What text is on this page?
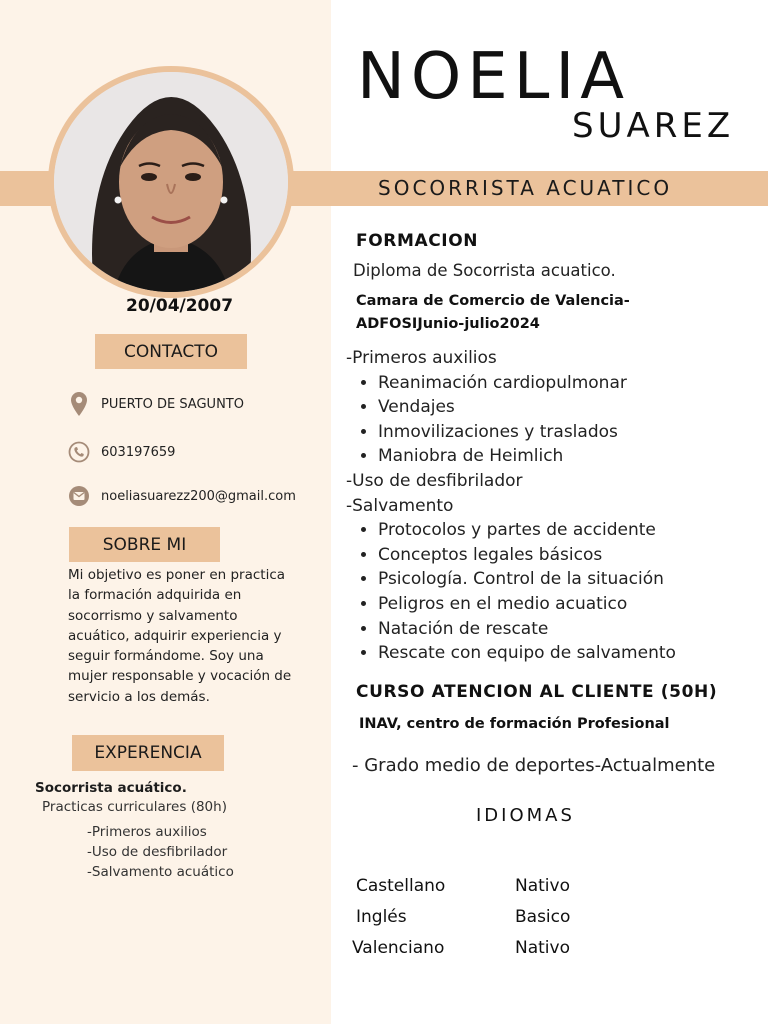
NOELIA
SUAREZ
SOCORRISTA ACUATICO
20/04/2007
CONTACTO
PUERTO DE SAGUNTO
603197659
noeliasuarezz200@gmail.com
SOBRE MI
Mi objetivo es poner en practica la formación adquirida en socorrismo y salvamento acuático, adquirir experiencia y seguir formándome. Soy una mujer responsable y vocación de servicio a los demás.
EXPERENCIA
Socorrista acuático.
Practicas curriculares (80h)
-Primeros auxilios
-Uso de desfibrilador
-Salvamento acuático
FORMACION
Diploma de Socorrista acuatico.
Camara de Comercio de Valencia-
ADFOSIJunio-julio2024
-Primeros auxilios
• Reanimación cardiopulmonar
• Vendajes
• Inmovilizaciones y traslados
• Maniobra de Heimlich
-Uso de desfibrilador
-Salvamento
• Protocolos y partes de accidente
• Conceptos legales básicos
• Psicología. Control de la situación
• Peligros en el medio acuatico
• Natación de rescate
• Rescate con equipo de salvamento
CURSO ATENCION AL CLIENTE (50H)
INAV, centro de formación Profesional
- Grado medio de deportes-Actualmente
IDIOMAS
Castellano	Nativo
Inglés	Basico
Valenciano	Nativo
